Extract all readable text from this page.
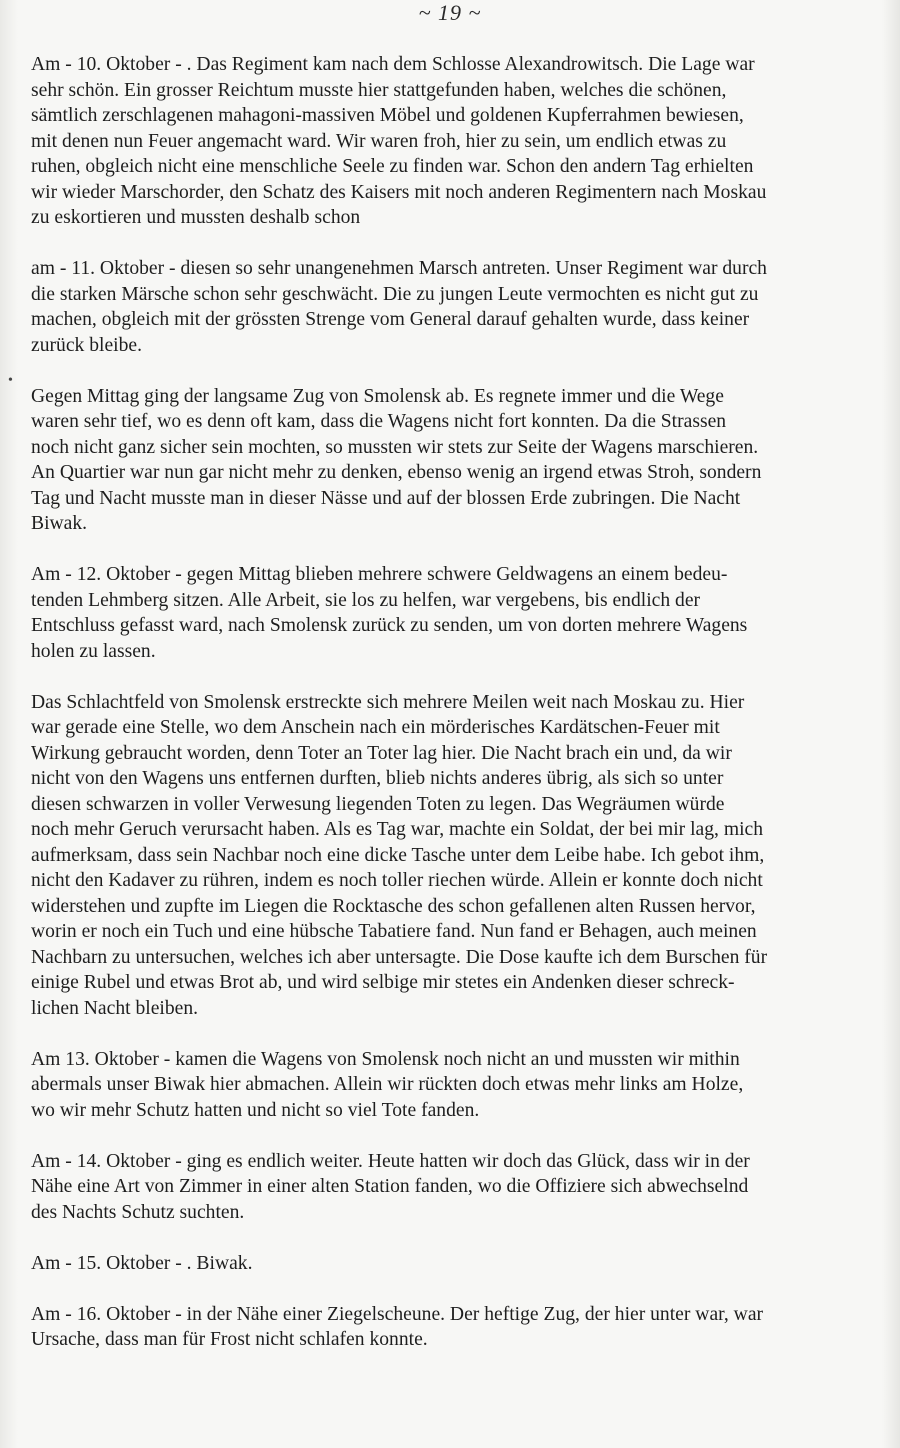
~ 19 ~
•

Am - 10. Oktober - . Das Regiment kam nach dem Schlosse Alexandrowitsch. Die Lage war
sehr schön. Ein grosser Reichtum musste hier stattgefunden haben, welches die schönen,
sämtlich zerschlagenen mahagoni-massiven Möbel und goldenen Kupferrahmen bewiesen,
mit denen nun Feuer angemacht ward. Wir waren froh, hier zu sein, um endlich etwas zu
ruhen, obgleich nicht eine menschliche Seele zu finden war. Schon den andern Tag erhielten
wir wieder Marschorder, den Schatz des Kaisers mit noch anderen Regimentern nach Moskau
zu eskortieren und mussten deshalb schon

am - 11. Oktober - diesen so sehr unangenehmen Marsch antreten. Unser Regiment war durch
die starken Märsche schon sehr geschwächt. Die zu jungen Leute vermochten es nicht gut zu
machen, obgleich mit der grössten Strenge vom General darauf gehalten wurde, dass keiner
zurück bleibe.

Gegen Mittag ging der langsame Zug von Smolensk ab. Es regnete immer und die Wege
waren sehr tief, wo es denn oft kam, dass die Wagens nicht fort konnten. Da die Strassen
noch nicht ganz sicher sein mochten, so mussten wir stets zur Seite der Wagens marschieren.
An Quartier war nun gar nicht mehr zu denken, ebenso wenig an irgend etwas Stroh, sondern
Tag und Nacht musste man in dieser Nässe und auf der blossen Erde zubringen. Die Nacht
Biwak.

Am - 12. Oktober - gegen Mittag blieben mehrere schwere Geldwagens an einem bedeu-
tenden Lehmberg sitzen. Alle Arbeit, sie los zu helfen, war vergebens, bis endlich der
Entschluss gefasst ward, nach Smolensk zurück zu senden, um von dorten mehrere Wagens
holen zu lassen.

Das Schlachtfeld von Smolensk erstreckte sich mehrere Meilen weit nach Moskau zu. Hier
war gerade eine Stelle, wo dem Anschein nach ein mörderisches Kardätschen-Feuer mit
Wirkung gebraucht worden, denn Toter an Toter lag hier. Die Nacht brach ein und, da wir
nicht von den Wagens uns entfernen durften, blieb nichts anderes übrig, als sich so unter
diesen schwarzen in voller Verwesung liegenden Toten zu legen. Das Wegräumen würde
noch mehr Geruch verursacht haben. Als es Tag war, machte ein Soldat, der bei mir lag, mich
aufmerksam, dass sein Nachbar noch eine dicke Tasche unter dem Leibe habe. Ich gebot ihm,
nicht den Kadaver zu rühren, indem es noch toller riechen würde. Allein er konnte doch nicht
widerstehen und zupfte im Liegen die Rocktasche des schon gefallenen alten Russen hervor,
worin er noch ein Tuch und eine hübsche Tabatiere fand. Nun fand er Behagen, auch meinen
Nachbarn zu untersuchen, welches ich aber untersagte. Die Dose kaufte ich dem Burschen für
einige Rubel und etwas Brot ab, und wird selbige mir stetes ein Andenken dieser schreck-
lichen Nacht bleiben.

Am 13. Oktober - kamen die Wagens von Smolensk noch nicht an und mussten wir mithin
abermals unser Biwak hier abmachen. Allein wir rückten doch etwas mehr links am Holze,
wo wir mehr Schutz hatten und nicht so viel Tote fanden.

Am - 14. Oktober - ging es endlich weiter. Heute hatten wir doch das Glück, dass wir in der
Nähe eine Art von Zimmer in einer alten Station fanden, wo die Offiziere sich abwechselnd
des Nachts Schutz suchten.

Am - 15. Oktober - . Biwak.

Am - 16. Oktober - in der Nähe einer Ziegelscheune. Der heftige Zug, der hier unter war, war
Ursache, dass man für Frost nicht schlafen konnte.
